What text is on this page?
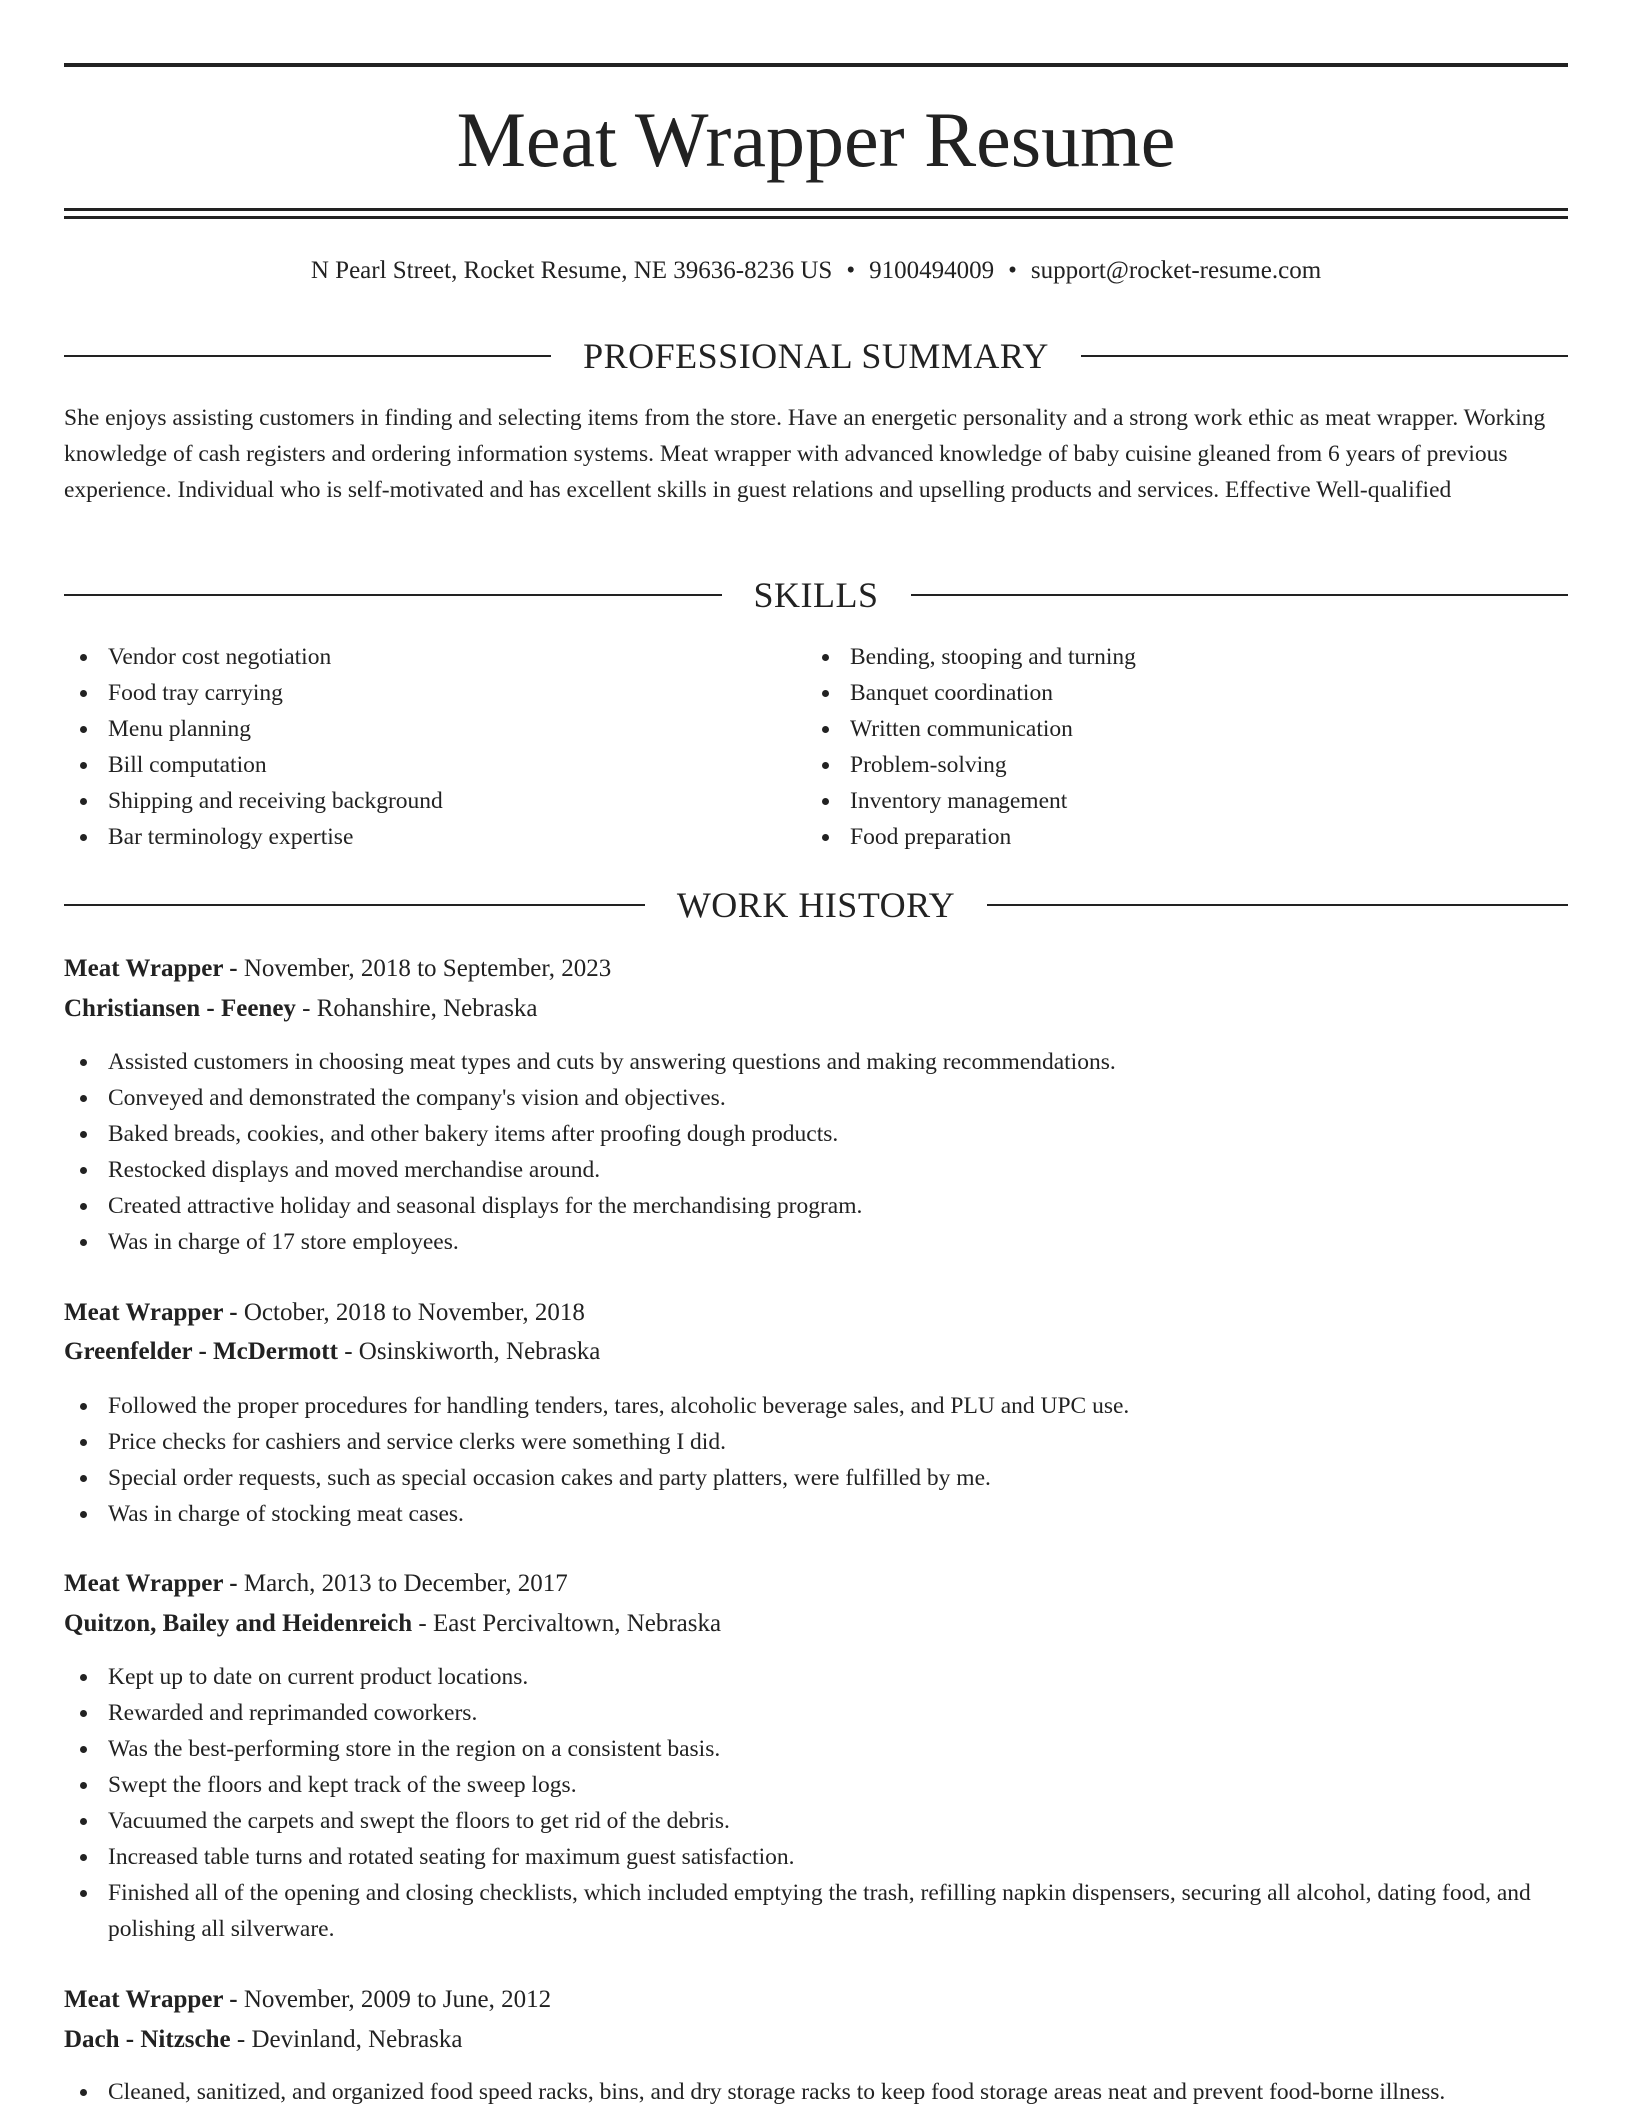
Meat Wrapper Resume
N Pearl Street, Rocket Resume, NE 39636-8236 US • 9100494009 • support@rocket-resume.com
PROFESSIONAL SUMMARY

She enjoys assisting customers in finding and selecting items from the store. Have an energetic personality and a strong work ethic as meat wrapper. Working knowledge of cash registers and ordering information systems. Meat wrapper with advanced knowledge of baby cuisine gleaned from 6 years of previous experience. Individual who is self-motivated and has excellent skills in guest relations and upselling products and services. Effective Well-qualified

SKILLS
Vendor cost negotiation
Food tray carrying
Menu planning
Bill computation
Shipping and receiving background
Bar terminology expertise
Bending, stooping and turning
Banquet coordination
Written communication
Problem-solving
Inventory management
Food preparation
WORK HISTORY
Meat Wrapper - November, 2018 to September, 2023
Christiansen - Feeney - Rohanshire, Nebraska
Assisted customers in choosing meat types and cuts by answering questions and making recommendations.
Conveyed and demonstrated the company's vision and objectives.
Baked breads, cookies, and other bakery items after proofing dough products.
Restocked displays and moved merchandise around.
Created attractive holiday and seasonal displays for the merchandising program.
Was in charge of 17 store employees.
Meat Wrapper - October, 2018 to November, 2018
Greenfelder - McDermott - Osinskiworth, Nebraska
Followed the proper procedures for handling tenders, tares, alcoholic beverage sales, and PLU and UPC use.
Price checks for cashiers and service clerks were something I did.
Special order requests, such as special occasion cakes and party platters, were fulfilled by me.
Was in charge of stocking meat cases.
Meat Wrapper - March, 2013 to December, 2017
Quitzon, Bailey and Heidenreich - East Percivaltown, Nebraska
Kept up to date on current product locations.
Rewarded and reprimanded coworkers.
Was the best-performing store in the region on a consistent basis.
Swept the floors and kept track of the sweep logs.
Vacuumed the carpets and swept the floors to get rid of the debris.
Increased table turns and rotated seating for maximum guest satisfaction.
Finished all of the opening and closing checklists, which included emptying the trash, refilling napkin dispensers, securing all alcohol, dating food, and polishing all silverware.
Meat Wrapper - November, 2009 to June, 2012
Dach - Nitzsche - Devinland, Nebraska
Cleaned, sanitized, and organized food speed racks, bins, and dry storage racks to keep food storage areas neat and prevent food-borne illness.
